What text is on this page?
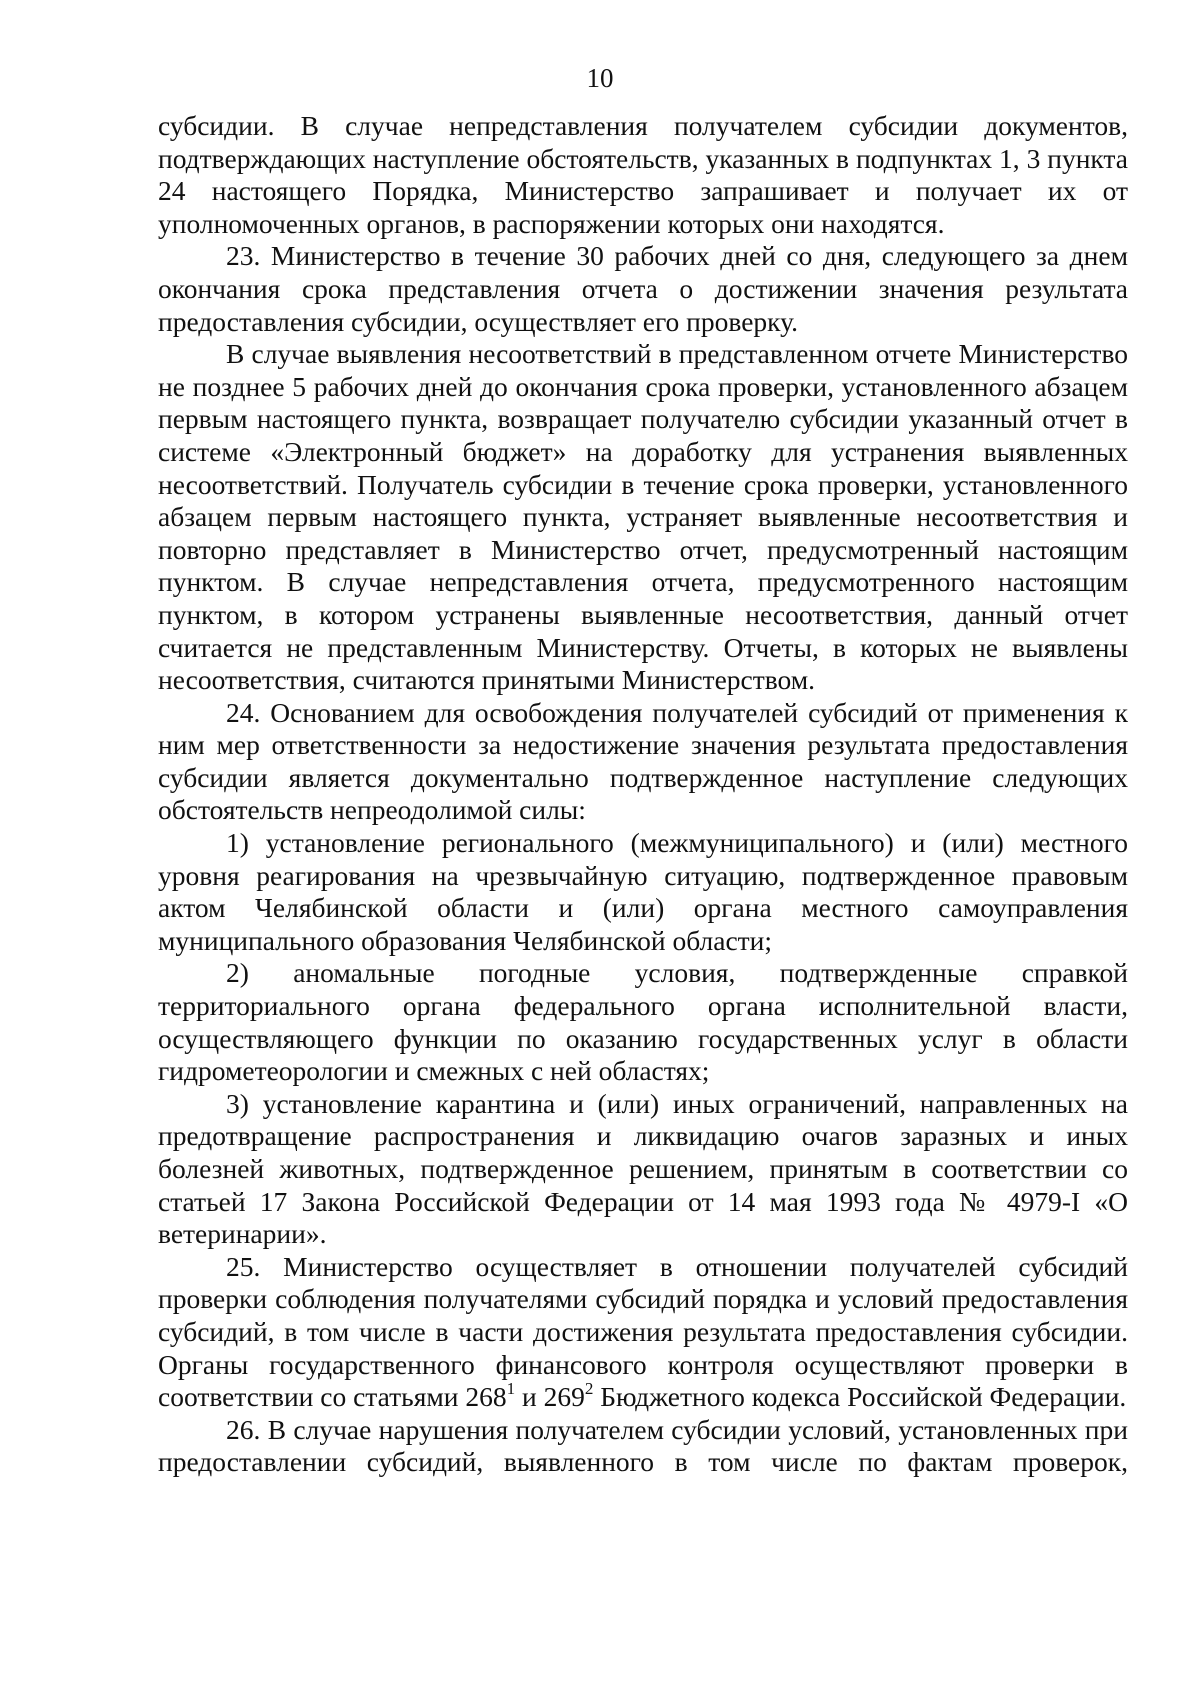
10

субсидии. В случае непредставления получателем субсидии документов, подтверждающих наступление обстоятельств, указанных в подпунктах 1, 3 пункта 24 настоящего Порядка, Министерство запрашивает и получает их от уполномоченных органов, в распоряжении которых они находятся.

23. Министерство в течение 30 рабочих дней со дня, следующего за днем окончания срока представления отчета о достижении значения результата предоставления субсидии, осуществляет его проверку.

В случае выявления несоответствий в представленном отчете Министерство не позднее 5 рабочих дней до окончания срока проверки, установленного абзацем первым настоящего пункта, возвращает получателю субсидии указанный отчет в системе «Электронный бюджет» на доработку для устранения выявленных несоответствий. Получатель субсидии в течение срока проверки, установленного абзацем первым настоящего пункта, устраняет выявленные несоответствия и повторно представляет в Министерство отчет, предусмотренный настоящим пунктом. В случае непредставления отчета, предусмотренного настоящим пунктом, в котором устранены выявленные несоответствия, данный отчет считается не представленным Министерству. Отчеты, в которых не выявлены несоответствия, считаются принятыми Министерством.

24. Основанием для освобождения получателей субсидий от применения к ним мер ответственности за недостижение значения результата предоставления субсидии является документально подтвержденное наступление следующих обстоятельств непреодолимой силы:

1) установление регионального (межмуниципального) и (или) местного уровня реагирования на чрезвычайную ситуацию, подтвержденное правовым актом Челябинской области и (или) органа местного самоуправления муниципального образования Челябинской области;

2) аномальные погодные условия, подтвержденные справкой территориального органа федерального органа исполнительной власти, осуществляющего функции по оказанию государственных услуг в области гидрометеорологии и смежных с ней областях;

3) установление карантина и (или) иных ограничений, направленных на предотвращение распространения и ликвидацию очагов заразных и иных болезней животных, подтвержденное решением, принятым в соответствии со статьей 17 Закона Российской Федерации от 14 мая 1993 года № 4979-I «О ветеринарии».

25. Министерство осуществляет в отношении получателей субсидий проверки соблюдения получателями субсидий порядка и условий предоставления субсидий, в том числе в части достижения результата предоставления субсидии. Органы государственного финансового контроля осуществляют проверки в соответствии со статьями $268^1$ и $269^2$ Бюджетного кодекса Российской Федерации.

26. В случае нарушения получателем субсидии условий, установленных при предоставлении субсидий, выявленного в том числе по фактам проверок,
